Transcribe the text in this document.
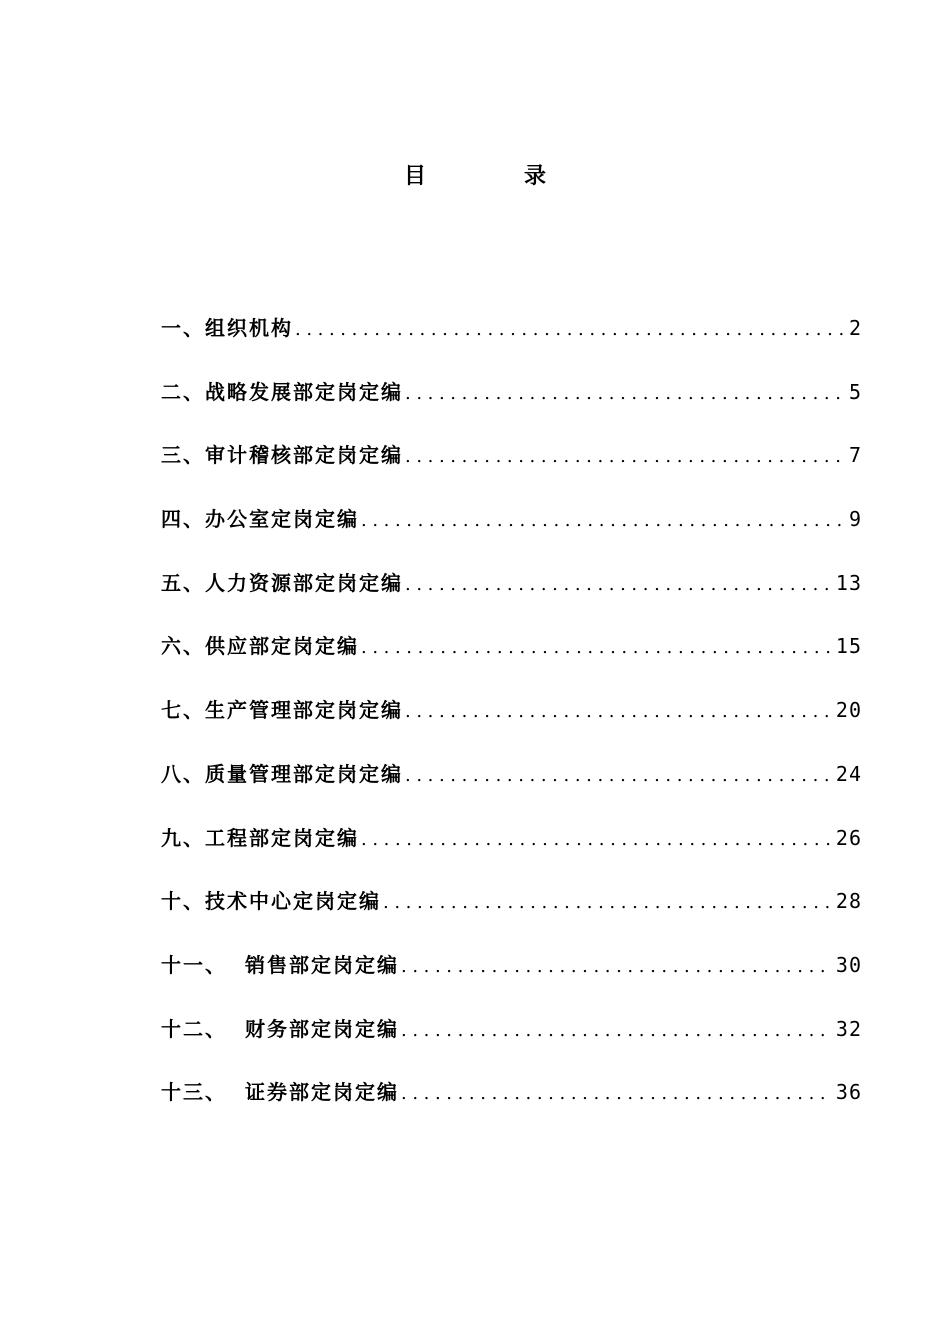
目　录
一、 组织机构 .....	2
二、 战略发展部定岗定编 .....	5
三、 审计稽核部定岗定编 .....	7
四、 办公室定岗定编 .....	9
五、 人力资源部定岗定编 .....	13
六、 供应部定岗定编 .....	15
七、 生产管理部定岗定编 .....	20
八、 质量管理部定岗定编 .....	24
九、 工程部定岗定编 .....	26
十、 技术中心定岗定编 .....	28
十一、 销售部定岗定编 .....	30
十二、 财务部定岗定编 .....	32
十三、 证券部定岗定编 .....	36
